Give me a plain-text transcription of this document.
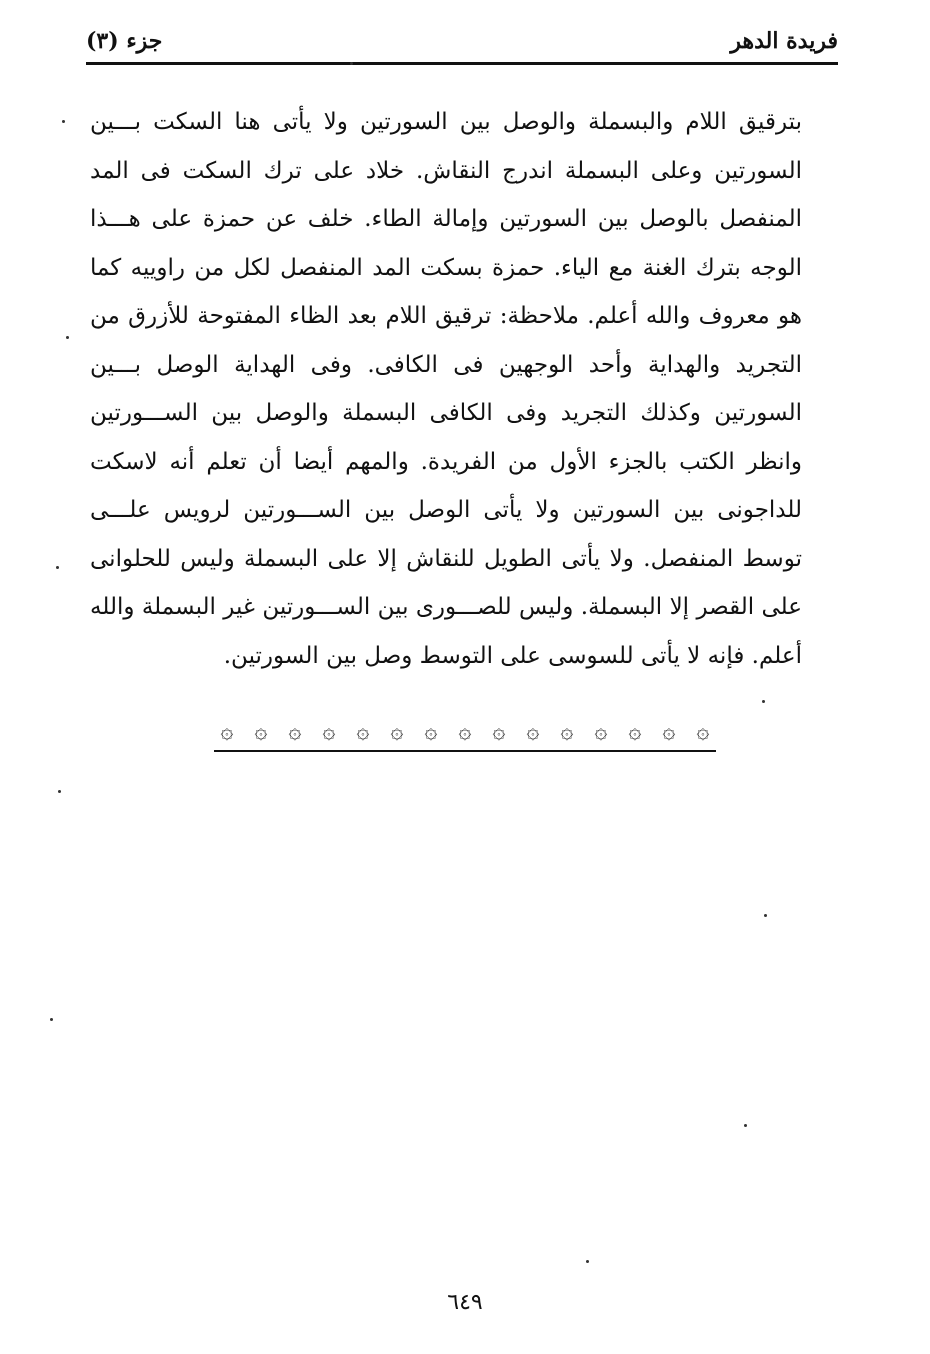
فريدة الدهر
جزء (٣)

بترقيق اللام والبسملة والوصل بين السورتين ولا يأتى هنا السكت بـــين السورتين وعلى البسملة اندرج النقاش. خلاد على ترك السكت فى المد المنفصل بالوصل بين السورتين وإمالة الطاء. خلف عن حمزة على هـــذا الوجه بترك الغنة مع الياء. حمزة بسكت المد المنفصل لكل من راوييه كما هو معروف والله أعلم. ملاحظة: ترقيق اللام بعد الظاء المفتوحة للأزرق من التجريد والهداية وأحد الوجهين فى الكافى. وفى الهداية الوصل بـــين السورتين وكذلك التجريد وفى الكافى البسملة والوصل بين الســـورتين وانظر الكتب بالجزء الأول من الفريدة. والمهم أيضا أن تعلم أنه لاسكت للداجونى بين السورتين ولا يأتى الوصل بين الســـورتين لرويس علـــى توسط المنفصل. ولا يأتى الطويل للنقاش إلا على البسملة وليس للحلوانى على القصر إلا البسملة. وليس للصـــورى بين الســـورتين غير البسملة والله أعلم. فإنه لا يأتى للسوسى على التوسط وصل بين السورتين.

۞ ۞ ۞ ۞ ۞ ۞ ۞ ۞ ۞ ۞ ۞ ۞ ۞ ۞ ۞
٦٤٩
